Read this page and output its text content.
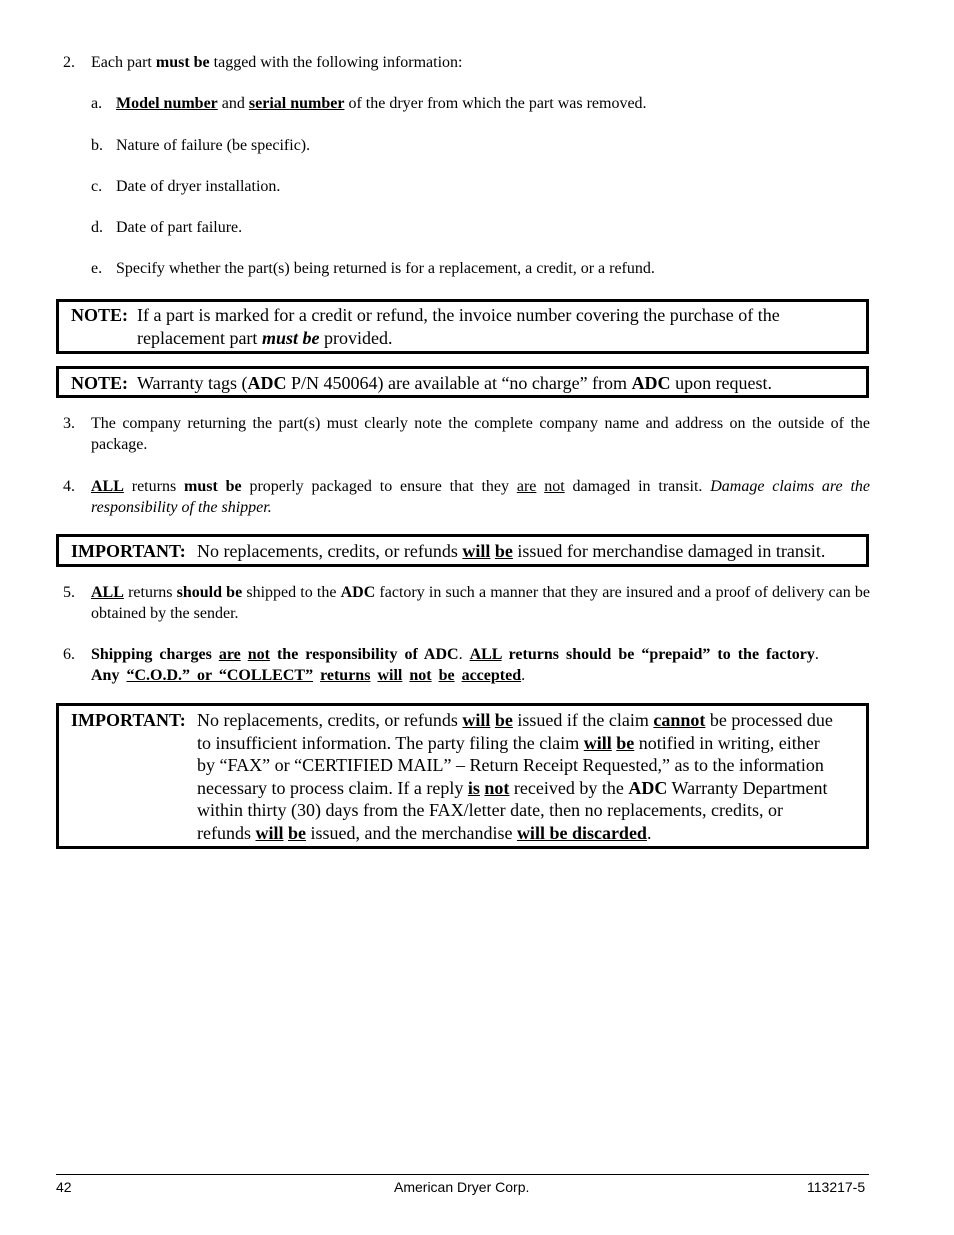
2. Each part must be tagged with the following information:
a. Model number and serial number of the dryer from which the part was removed.
b. Nature of failure (be specific).
c. Date of dryer installation.
d. Date of part failure.
e. Specify whether the part(s) being returned is for a replacement, a credit, or a refund.
NOTE: If a part is marked for a credit or refund, the invoice number covering the purchase of the
replacement part must be provided.
NOTE: Warranty tags (ADC P/N 450064) are available at “no charge” from ADC upon request.
3. The company returning the part(s) must clearly note the complete company name and address on the outside of the package.
4. ALL returns must be properly packaged to ensure that they are not damaged in transit. Damage claims are the responsibility of the shipper.
IMPORTANT: No replacements, credits, or refunds will be issued for merchandise damaged in transit.
5. ALL returns should be shipped to the ADC factory in such a manner that they are insured and a proof of delivery can be obtained by the sender.
6. Shipping charges are not the responsibility of ADC. ALL returns should be “prepaid” to the factory.
Any “C.O.D.” or “COLLECT” returns will not be accepted.
IMPORTANT: No replacements, credits, or refunds will be issued if the claim cannot be processed due
to insufficient information. The party filing the claim will be notified in writing, either
by “FAX” or “CERTIFIED MAIL” – Return Receipt Requested,” as to the information
necessary to process claim. If a reply is not received by the ADC Warranty Department
within thirty (30) days from the FAX/letter date, then no replacements, credits, or
refunds will be issued, and the merchandise will be discarded.
42	American Dryer Corp.	113217-5
